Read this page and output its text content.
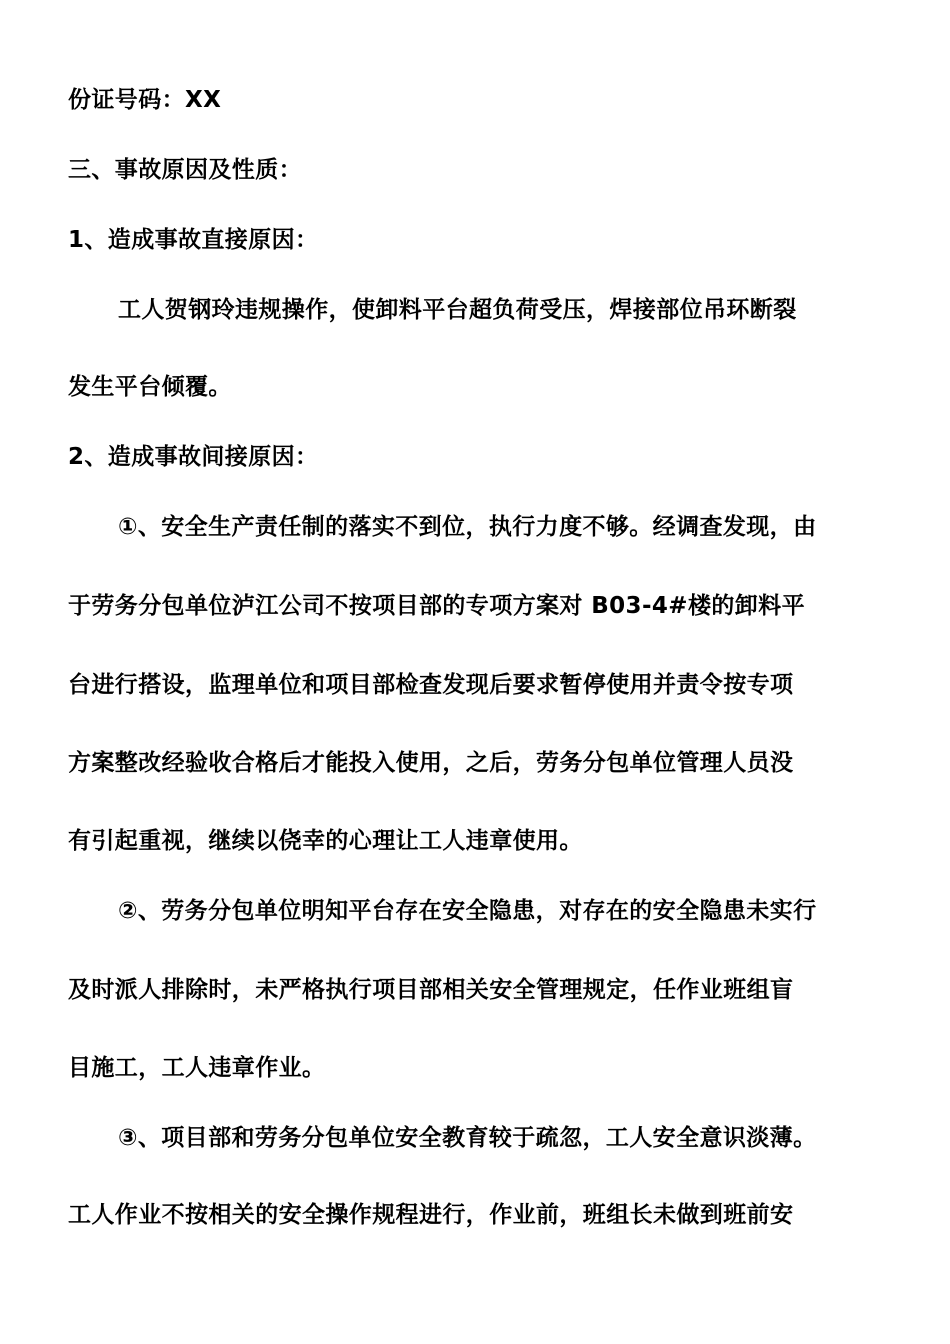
份证号码：XX
三、事故原因及性质：
1、造成事故直接原因：
工人贺钢玲违规操作，使卸料平台超负荷受压，焊接部位吊环断裂
发生平台倾覆。
2、造成事故间接原因：
①、安全生产责任制的落实不到位，执行力度不够。经调查发现，由
于劳务分包单位泸江公司不按项目部的专项方案对 B03-4#楼的卸料平
台进行搭设，监理单位和项目部检查发现后要求暂停使用并责令按专项
方案整改经验收合格后才能投入使用，之后，劳务分包单位管理人员没
有引起重视，继续以侥幸的心理让工人违章使用。
②、劳务分包单位明知平台存在安全隐患，对存在的安全隐患未实行
及时派人排除时，未严格执行项目部相关安全管理规定，任作业班组盲
目施工，工人违章作业。
③、项目部和劳务分包单位安全教育较于疏忽，工人安全意识淡薄。
工人作业不按相关的安全操作规程进行，作业前，班组长未做到班前安
